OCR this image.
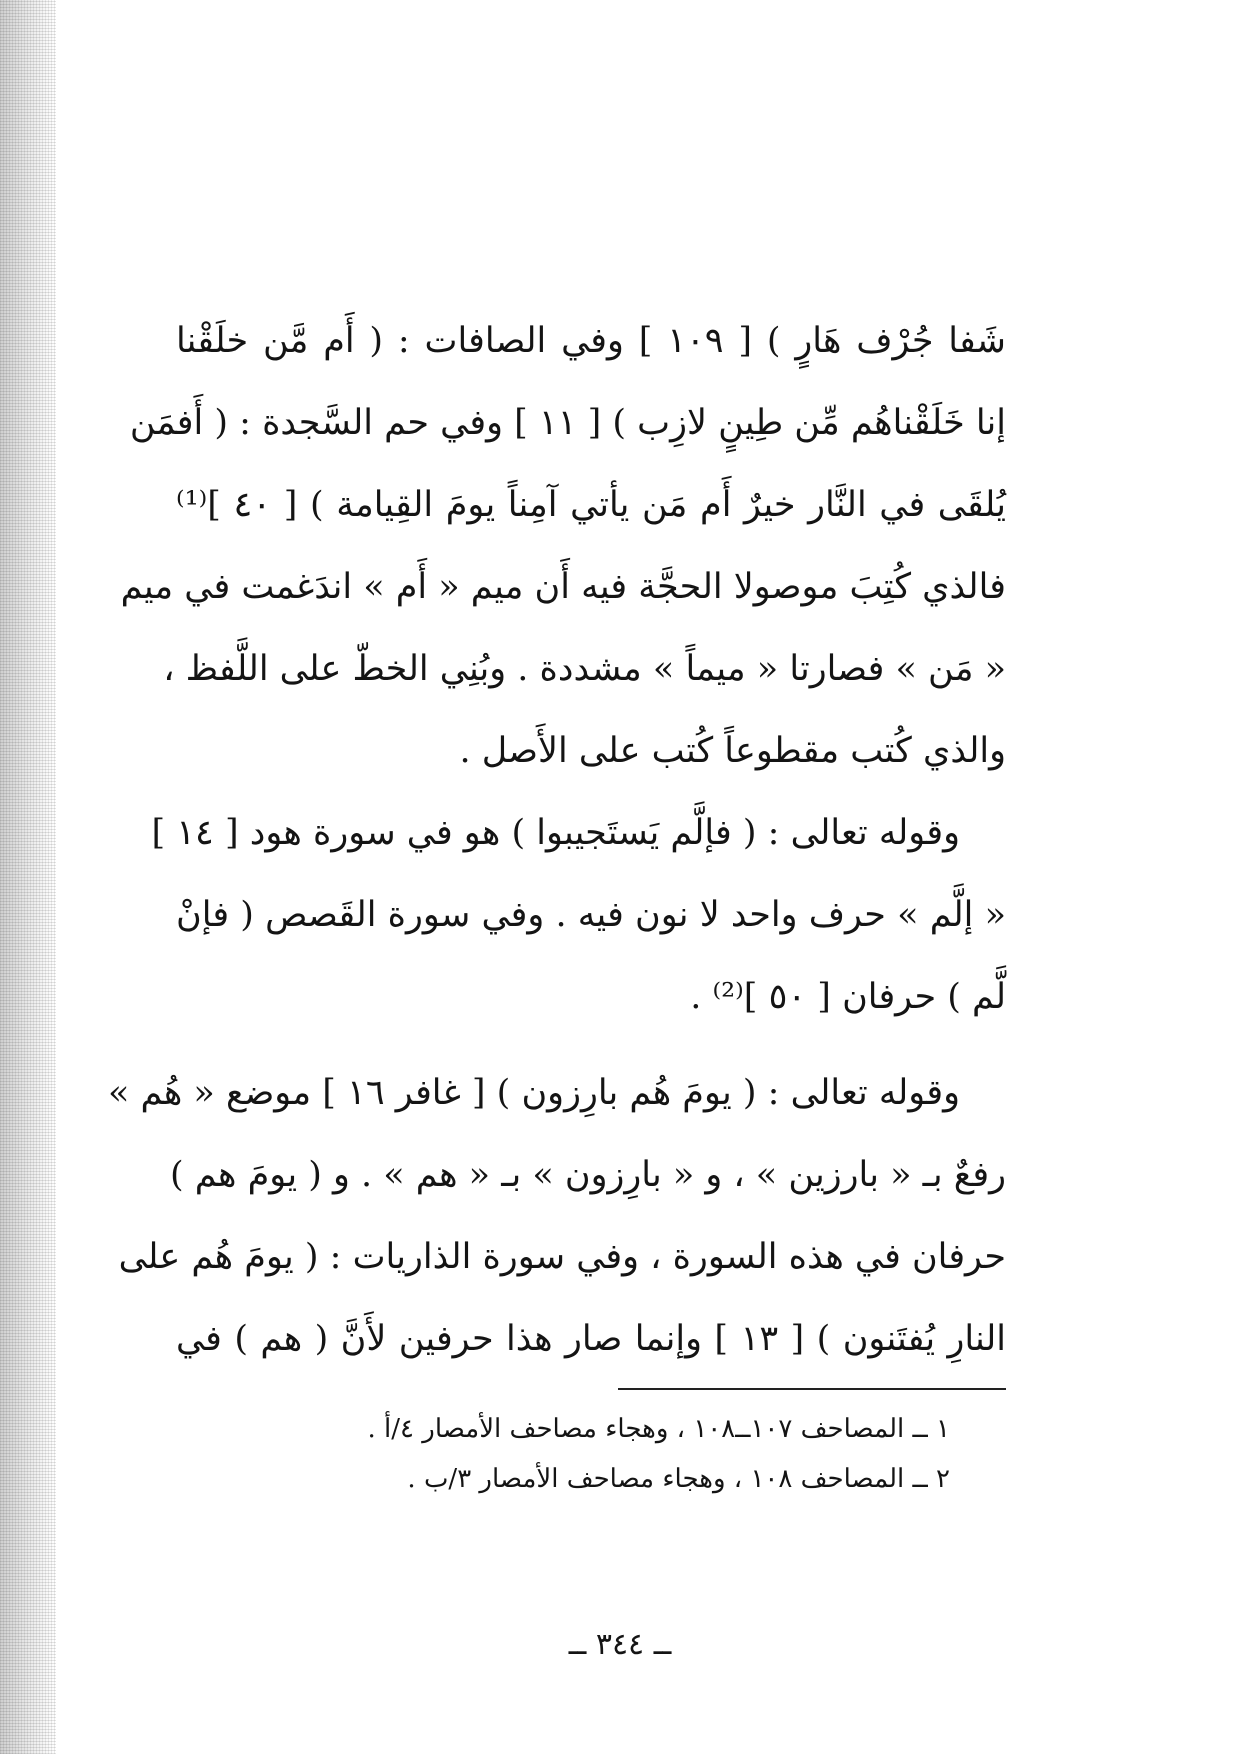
شَفا جُرْف هَارٍ ) [ ١٠٩ ] وفي الصافات : ( أَم مَّن خلَقْنا
إنا خَلَقْناهُم مِّن طِينٍ لازِب ) [ ١١ ] وفي حم السَّجدة : ( أَفمَن
يُلقَى في النَّار خيرٌ أَم مَن يأتي آمِناً يومَ القِيامة ) [ ٤٠ ]⁽¹⁾
فالذي كُتِبَ موصولا الحجَّة فيه أَن ميم « أَم » اندَغمت في ميم
« مَن » فصارتا « ميماً » مشددة . وبُنِي الخطّ على اللَّفظ ،
والذي كُتب مقطوعاً كُتب على الأَصل .
وقوله تعالى : ( فإلَّم يَستَجيبوا ) هو في سورة هود [ ١٤ ]
« إلَّم » حرف واحد لا نون فيه . وفي سورة القَصص ( فإنْ
لَّم ) حرفان [ ٥٠ ]⁽²⁾ .
وقوله تعالى : ( يومَ هُم بارِزون ) [ غافر ١٦ ] موضع « هُم »
رفعٌ بـ « بارزين » ، و « بارِزون » بـ « هم » . و ( يومَ هم )
حرفان في هذه السورة ، وفي سورة الذاريات : ( يومَ هُم على
النارِ يُفتَنون ) [ ١٣ ] وإنما صار هذا حرفين لأَنَّ ( هم ) في
١ ــ المصاحف ١٠٧ــ١٠٨ ، وهجاء مصاحف الأمصار ٤/أ .
٢ ــ المصاحف ١٠٨ ، وهجاء مصاحف الأمصار ٣/ب .
ــ ٣٤٤ ــ
